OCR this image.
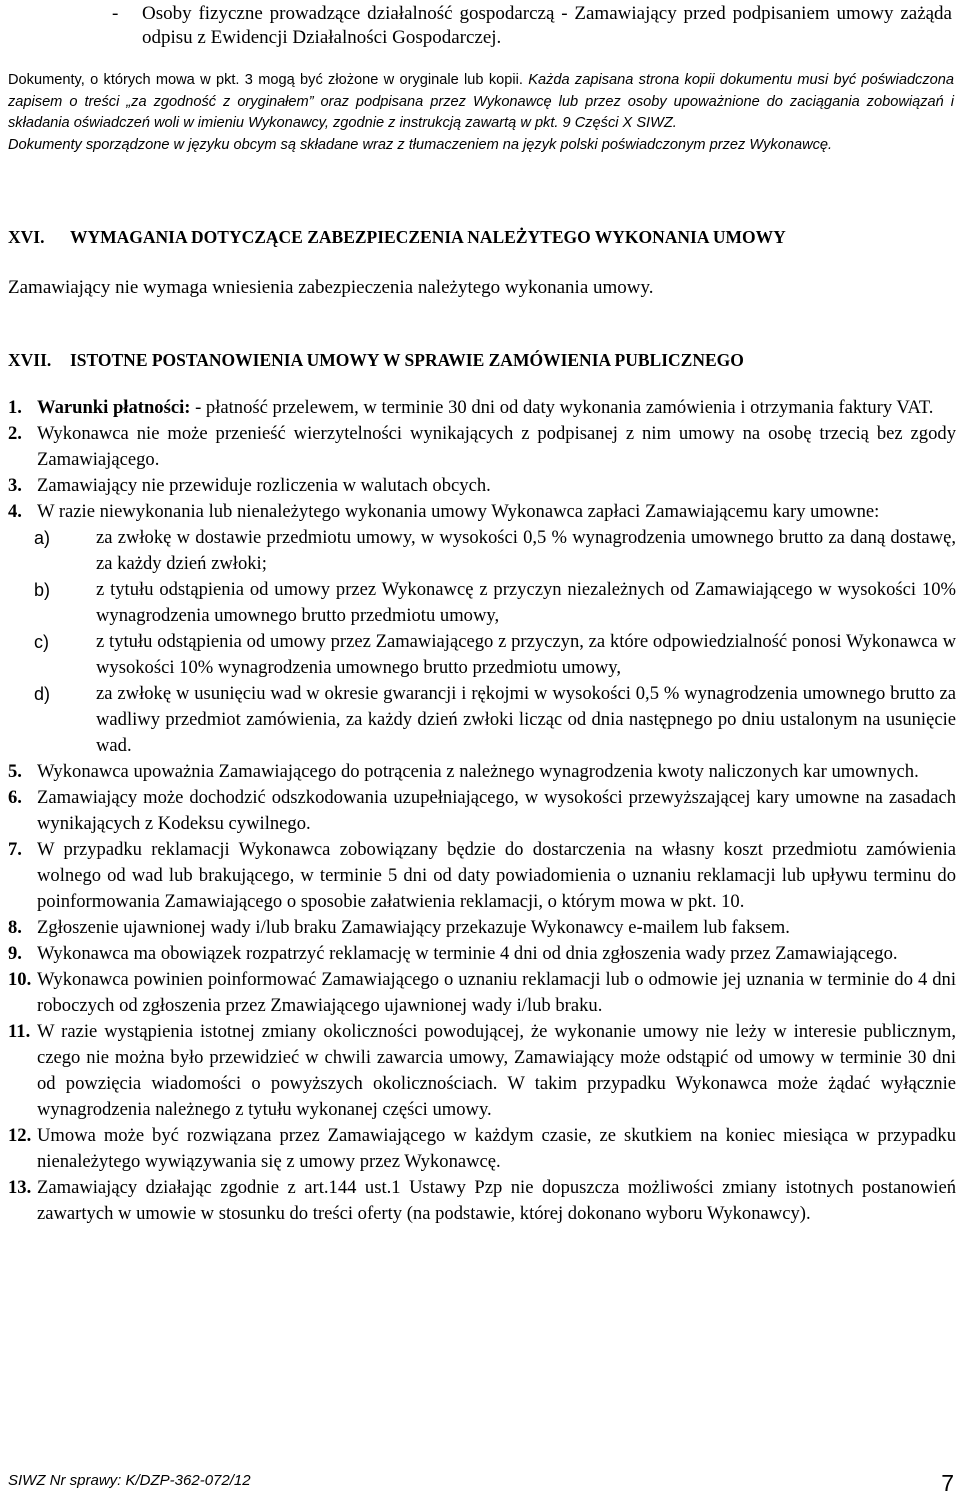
- Osoby fizyczne prowadzące działalność gospodarczą - Zamawiający przed podpisaniem umowy zażąda odpisu z Ewidencji Działalności Gospodarczej.

Dokumenty, o których mowa w pkt. 3 mogą być złożone w oryginale lub kopii. Każda zapisana strona kopii dokumentu musi być poświadczona zapisem o treści „za zgodność z oryginałem” oraz podpisana przez Wykonawcę lub przez osoby upoważnione do zaciągania zobowiązań i składania oświadczeń woli w imieniu Wykonawcy, zgodnie z instrukcją zawartą w pkt. 9 Części X SIWZ.

Dokumenty sporządzone w języku obcym są składane wraz z tłumaczeniem na język polski poświadczonym przez Wykonawcę.

XVI. WYMAGANIA DOTYCZĄCE ZABEZPIECZENIA NALEŻYTEGO WYKONANIA UMOWY
Zamawiający nie wymaga wniesienia zabezpieczenia należytego wykonania umowy.
XVII. ISTOTNE POSTANOWIENIA UMOWY W SPRAWIE ZAMÓWIENIA PUBLICZNEGO

1. Warunki płatności: - płatność przelewem, w terminie 30 dni od daty wykonania zamówienia i otrzymania faktury VAT.

2. Wykonawca nie może przenieść wierzytelności wynikających z podpisanej z nim umowy na osobę trzecią bez zgody Zamawiającego.

3. Zamawiający nie przewiduje rozliczenia w walutach obcych.

4. W razie niewykonania lub nienależytego wykonania umowy Wykonawca zapłaci Zamawiającemu kary umowne:

a) za zwłokę w dostawie przedmiotu umowy, w wysokości 0,5 % wynagrodzenia umownego brutto za daną dostawę, za każdy dzień zwłoki;

b) z tytułu odstąpienia od umowy przez Wykonawcę z przyczyn niezależnych od Zamawiającego w wysokości 10% wynagrodzenia umownego brutto przedmiotu umowy,

c)	z tytułu odstąpienia od umowy przez Zamawiającego z przyczyn, za które odpowiedzialność ponosi Wykonawca w wysokości 10% wynagrodzenia umownego brutto przedmiotu umowy,

d) za zwłokę w usunięciu wad w okresie gwarancji i rękojmi w wysokości 0,5 % wynagrodzenia umownego brutto za wadliwy przedmiot zamówienia, za każdy dzień zwłoki licząc od dnia następnego po dniu ustalonym na usunięcie wad.

5. Wykonawca upoważnia Zamawiającego do potrącenia z należnego wynagrodzenia kwoty naliczonych kar umownych.

6. Zamawiający może dochodzić odszkodowania uzupełniającego, w wysokości przewyższającej kary umowne na zasadach wynikających z Kodeksu cywilnego.

7. W przypadku reklamacji Wykonawca zobowiązany będzie do dostarczenia na własny koszt przedmiotu zamówienia wolnego od wad lub brakującego, w terminie 5 dni od daty powiadomienia o uznaniu reklamacji lub upływu terminu do poinformowania Zamawiającego o sposobie załatwienia reklamacji, o którym mowa w pkt. 10.

8. Zgłoszenie ujawnionej wady i/lub braku Zamawiający przekazuje Wykonawcy e-mailem lub faksem.

9. Wykonawca ma obowiązek rozpatrzyć reklamację w terminie 4 dni od dnia zgłoszenia wady przez Zamawiającego.

10. Wykonawca powinien poinformować Zamawiającego o uznaniu reklamacji lub o odmowie jej uznania w terminie do 4 dni roboczych od zgłoszenia przez Zmawiającego ujawnionej wady i/lub braku.

11. W razie wystąpienia istotnej zmiany okoliczności powodującej, że wykonanie umowy nie leży w interesie publicznym, czego nie można było przewidzieć w chwili zawarcia umowy, Zamawiający może odstąpić od umowy w terminie 30 dni od powzięcia wiadomości o powyższych okolicznościach. W takim przypadku Wykonawca może żądać wyłącznie wynagrodzenia należnego z tytułu wykonanej części umowy.

12. Umowa może być rozwiązana przez Zamawiającego w każdym czasie, ze skutkiem na koniec miesiąca w przypadku nienależytego wywiązywania się z umowy przez Wykonawcę.

13. Zamawiający działając zgodnie z art.144 ust.1 Ustawy Pzp nie dopuszcza możliwości zmiany istotnych postanowień zawartych w umowie w stosunku do treści oferty (na podstawie, której dokonano wyboru Wykonawcy).

SIWZ Nr sprawy: K/DZP-362-072/12	7
